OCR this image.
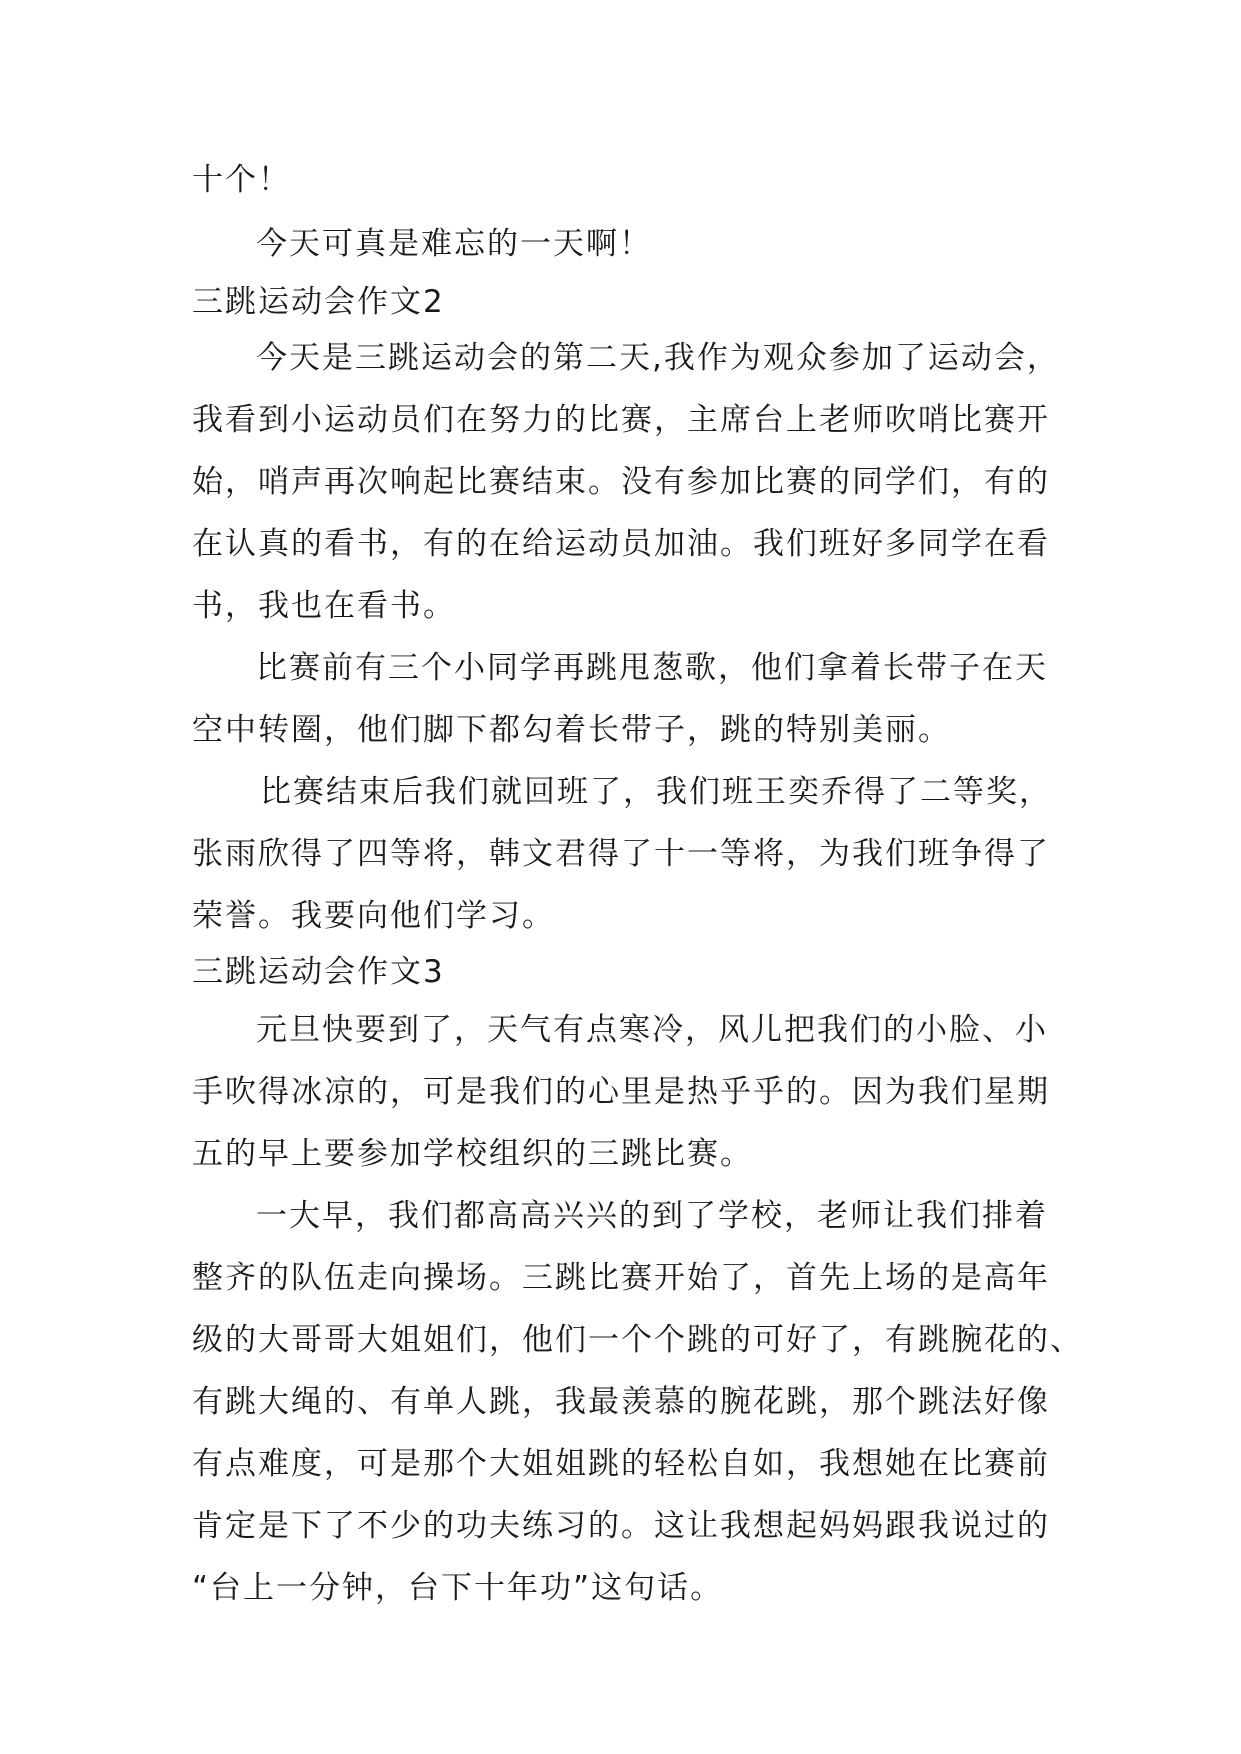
十个！
今天可真是难忘的一天啊！
三跳运动会作文2
今天是三跳运动会的第二天,我作为观众参加了运动会，
我看到小运动员们在努力的比赛，主席台上老师吹哨比赛开
始，哨声再次响起比赛结束。没有参加比赛的同学们，有的
在认真的看书，有的在给运动员加油。我们班好多同学在看
书，我也在看书。
比赛前有三个小同学再跳甩葱歌，他们拿着长带子在天
空中转圈，他们脚下都勾着长带子，跳的特别美丽。
比赛结束后我们就回班了，我们班王奕乔得了二等奖，
张雨欣得了四等将，韩文君得了十一等将，为我们班争得了
荣誉。我要向他们学习。
三跳运动会作文3
元旦快要到了，天气有点寒冷，风儿把我们的小脸、小
手吹得冰凉的，可是我们的心里是热乎乎的。因为我们星期
五的早上要参加学校组织的三跳比赛。
一大早，我们都高高兴兴的到了学校，老师让我们排着
整齐的队伍走向操场。三跳比赛开始了，首先上场的是高年
级的大哥哥大姐姐们，他们一个个跳的可好了，有跳腕花的、
有跳大绳的、有单人跳，我最羡慕的腕花跳，那个跳法好像
有点难度，可是那个大姐姐跳的轻松自如，我想她在比赛前
肯定是下了不少的功夫练习的。这让我想起妈妈跟我说过的
“台上一分钟，台下十年功”这句话。
